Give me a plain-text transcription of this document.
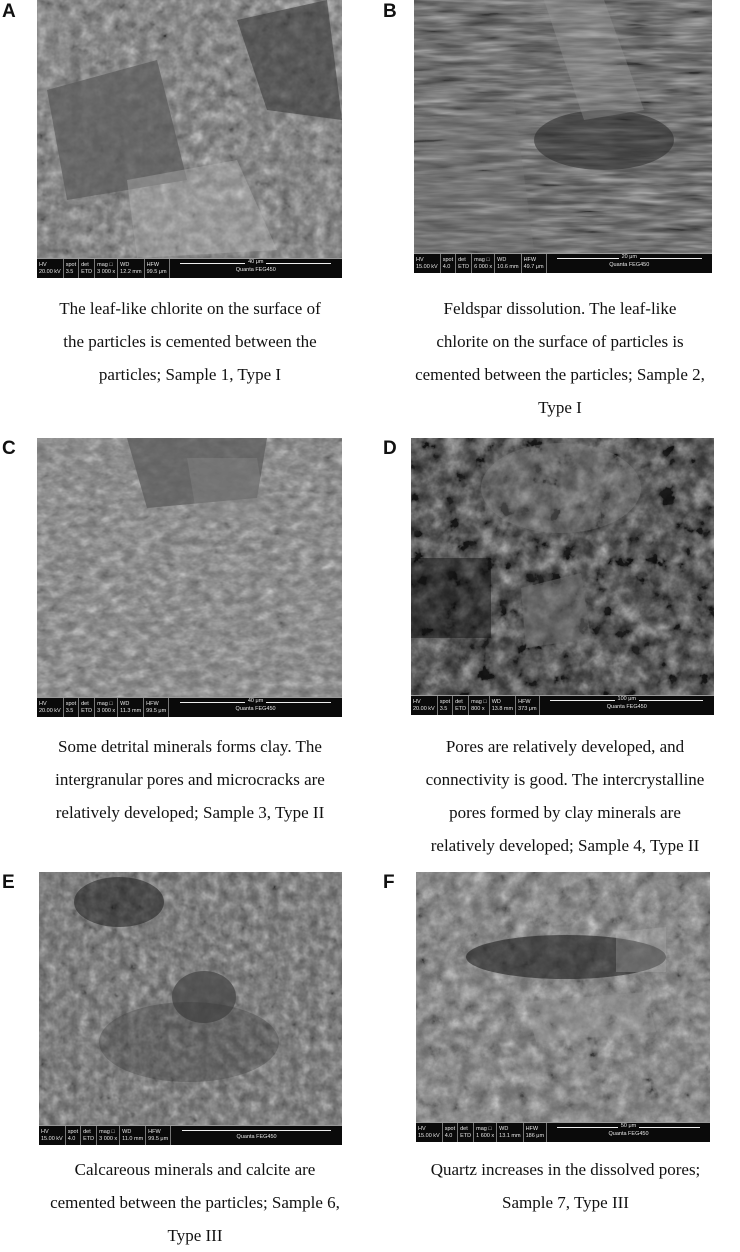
A
HV
20.00 kV
spot
3.5
det
ETD
mag □
3 000 x
WD
12.2 mm
HFW
99.5 μm
40 μm
Quanta FEG450
The leaf-like chlorite on the surface of
the particles is cemented between the
particles; Sample 1, Type I
B
HV
15.00 kV
spot
4.0
det
ETD
mag □
6 000 x
WD
10.6 mm
HFW
49.7 μm
20 μm
Quanta FEG450
Feldspar dissolution. The leaf-like
chlorite on the surface of particles is
cemented between the particles; Sample 2,
Type I
C
HV
20.00 kV
spot
3.5
det
ETD
mag □
3 000 x
WD
11.3 mm
HFW
99.5 μm
40 μm
Quanta FEG450
Some detrital minerals forms clay. The
intergranular pores and microcracks are
relatively developed; Sample 3, Type II
D
HV
20.00 kV
spot
3.5
det
ETD
mag □
800 x
WD
13.8 mm
HFW
373 μm
100 μm
Quanta FEG450
Pores are relatively developed, and
connectivity is good. The intercrystalline
pores formed by clay minerals are
relatively developed; Sample 4, Type II
E
HV
15.00 kV
spot
4.0
det
ETD
mag □
3 000 x
WD
11.0 mm
HFW
99.5 μm	Quanta FEG450
Calcareous minerals and calcite are
cemented between the particles; Sample 6,
Type III
F
HV
15.00 kV
spot
4.0
det
ETD
mag □
1 600 x
WD
13.1 mm
HFW
186 μm
50 μm
Quanta FEG450
Quartz increases in the dissolved pores;
Sample 7, Type III
